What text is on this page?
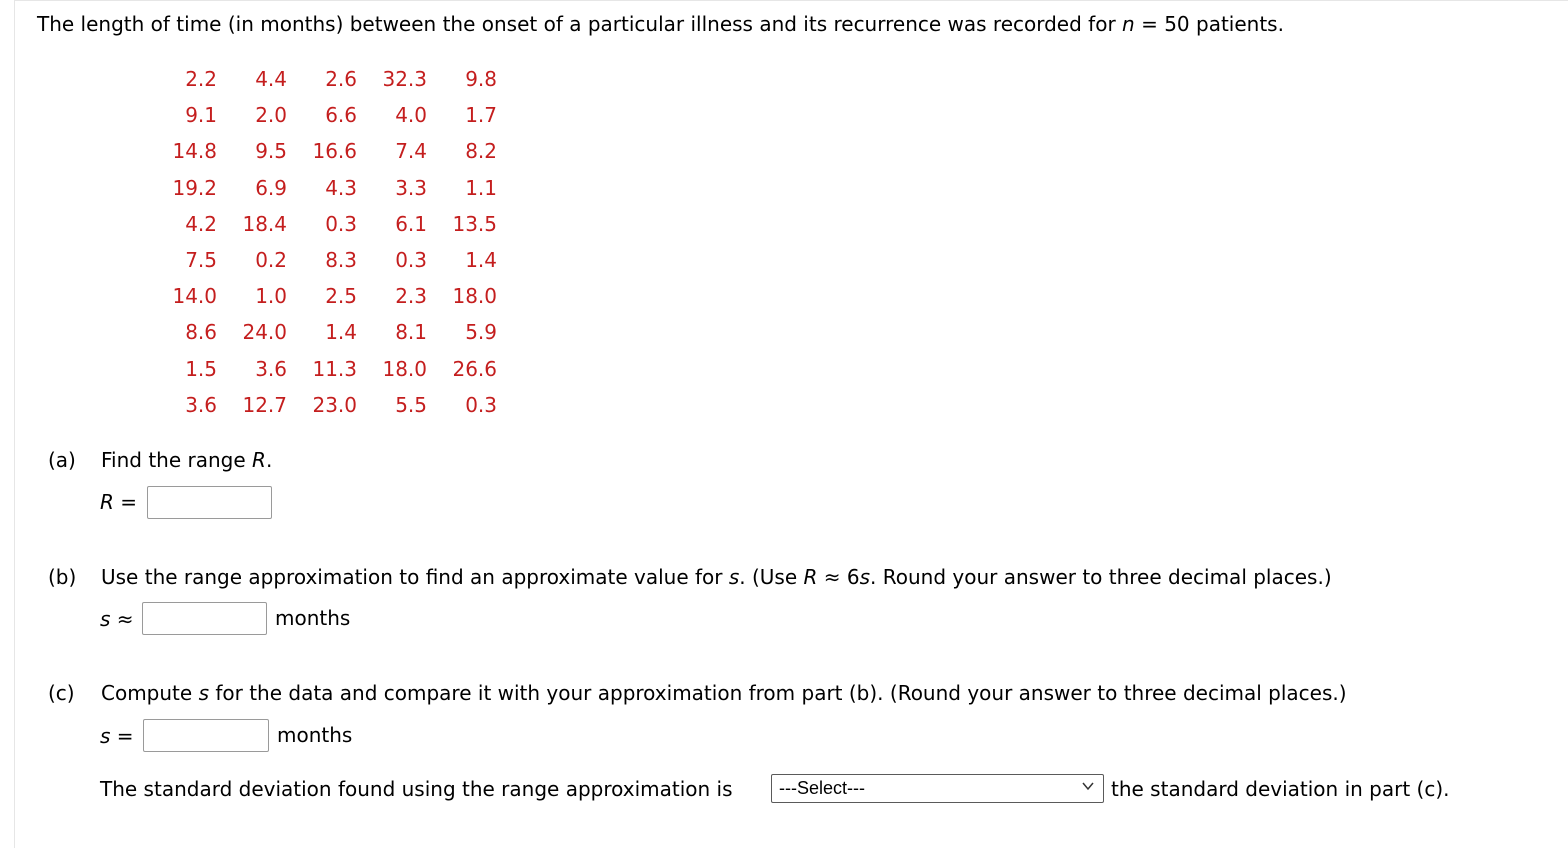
The length of time (in months) between the onset of a particular illness and its recurrence was recorded for n = 50 patients.
2.2	4.4	2.6	32.3	9.8
9.1	2.0	6.6	4.0	1.7
14.8	9.5	16.6	7.4	8.2
19.2	6.9	4.3	3.3	1.1
4.2	18.4	0.3	6.1	13.5
7.5	0.2	8.3	0.3	1.4
14.0	1.0	2.5	2.3	18.0
8.6	24.0	1.4	8.1	5.9
1.5	3.6	11.3	18.0	26.6
3.6	12.7	23.0	5.5	0.3
(a) Find the range R.
R =
(b) Use the range approximation to find an approximate value for s. (Use R ≈ 6s. Round your answer to three decimal places.)
s ≈	months
(c) Compute s for the data and compare it with your approximation from part (b). (Round your answer to three decimal places.)
s =	months
The standard deviation found using the range approximation is	---Select---	the standard deviation in part (c).
